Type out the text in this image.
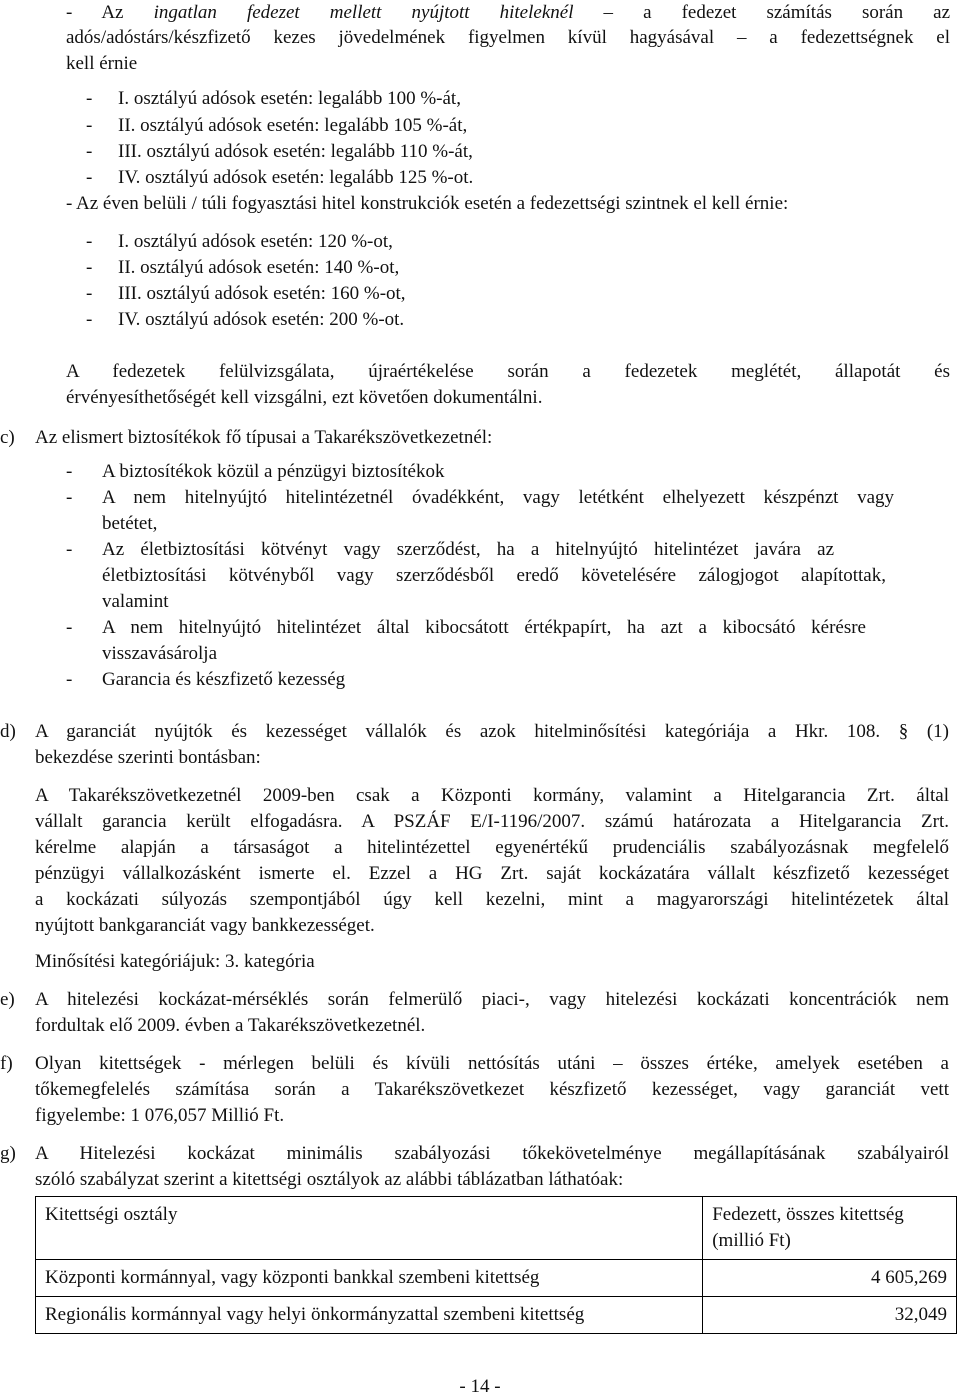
- Az ingatlan fedezet mellett nyújtott hiteleknél – a fedezet számítás során az
adós/adóstárs/készfizető kezes jövedelmének figyelmen kívül hagyásával – a fedezettségnek el
kell érnie
- I. osztályú adósok esetén: legalább 100 %-át,
- II. osztályú adósok esetén: legalább 105 %-át,
- III. osztályú adósok esetén: legalább 110 %-át,
- IV. osztályú adósok esetén: legalább 125 %-ot.
- Az éven belüli / túli fogyasztási hitel konstrukciók esetén a fedezettségi szintnek el kell érnie:
- I. osztályú adósok esetén: 120 %-ot,
- II. osztályú adósok esetén: 140 %-ot,
- III. osztályú adósok esetén: 160 %-ot,
- IV. osztályú adósok esetén: 200 %-ot.
A fedezetek felülvizsgálata, újraértékelése során a fedezetek meglétét, állapotát és
érvényesíthetőségét kell vizsgálni, ezt követően dokumentálni.
c) Az elismert biztosítékok fő típusai a Takarékszövetkezetnél:
- A biztosítékok közül a pénzügyi biztosítékok
- A nem hitelnyújtó hitelintézetnél óvadékként, vagy letétként elhelyezett készpénzt vagy
betétet,
- Az életbiztosítási kötvényt vagy szerződést, ha a hitelnyújtó hitelintézet javára az
életbiztosítási kötvényből vagy szerződésből eredő követelésére zálogjogot alapítottak,
valamint
- A nem hitelnyújtó hitelintézet által kibocsátott értékpapírt, ha azt a kibocsátó kérésre
visszavásárolja
- Garancia és készfizető kezesség
d) A garanciát nyújtók és kezességet vállalók és azok hitelminősítési kategóriája a Hkr. 108. § (1)
bekezdése szerinti bontásban:
A Takarékszövetkezetnél 2009-ben csak a Központi kormány, valamint a Hitelgarancia Zrt. által
vállalt garancia került elfogadásra. A PSZÁF E/I-1196/2007. számú határozata a Hitelgarancia Zrt.
kérelme alapján a társaságot a hitelintézettel egyenértékű prudenciális szabályozásnak megfelelő
pénzügyi vállalkozásként ismerte el. Ezzel a HG Zrt. saját kockázatára vállalt készfizető kezességet
a kockázati súlyozás szempontjából úgy kell kezelni, mint a magyarországi hitelintézetek által
nyújtott bankgaranciát vagy bankkezességet.
Minősítési kategóriájuk: 3. kategória
e) A hitelezési kockázat-mérséklés során felmerülő piaci-, vagy hitelezési kockázati koncentrációk nem
fordultak elő 2009. évben a Takarékszövetkezetnél.
f) Olyan kitettségek - mérlegen belüli és kívüli nettósítás utáni – összes értéke, amelyek esetében a
tőkemegfelelés számítása során a Takarékszövetkezet készfizető kezességet, vagy garanciát vett
figyelembe: 1 076,057 Millió Ft.
g) A Hitelezési kockázat minimális szabályozási tőkekövetelménye megállapításának szabályairól
szóló szabályzat szerint a kitettségi osztályok az alábbi táblázatban láthatóak:
Kitettségi osztály	Fedezett, összes kitettség (millió Ft)
Központi kormánnyal, vagy központi bankkal szembeni kitettség	4 605,269
Regionális kormánnyal vagy helyi önkormányzattal szembeni kitettség	32,049
- 14 -
